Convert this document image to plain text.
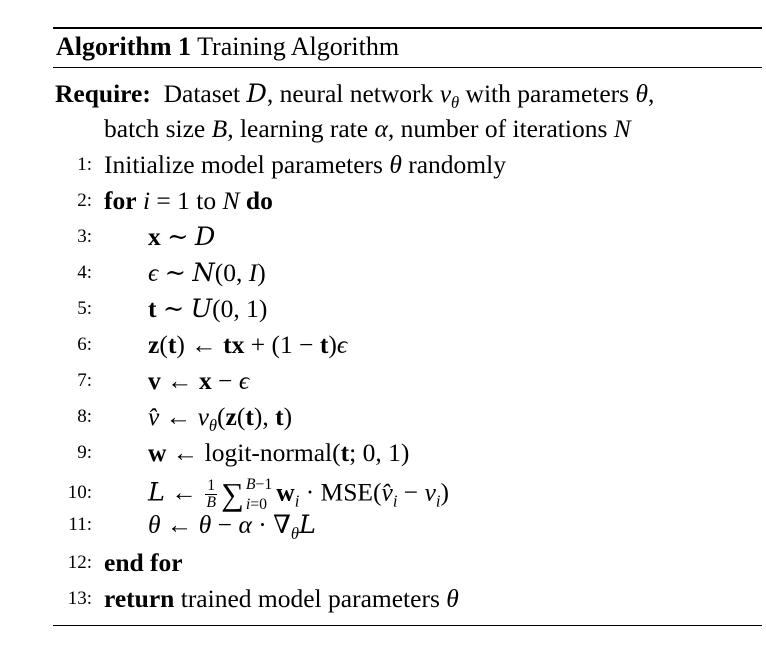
Algorithm 1 Training Algorithm
Require:  Dataset D, neural network $v_\theta$ with parameters θ,
batch size B, learning rate α, number of iterations N
1: Initialize model parameters θ randomly
2: for i = 1 to N do
3: x ∼ D
4: ϵ ∼ N(0, I)
5: t ∼ U(0, 1)
6: z(t) ← tx + (1 − t)ϵ
7: v ← x − ϵ
8: v̂ ← $v_\theta(z(t)$, t)
9: w ← logit-normal(t; 0, 1)
10: L ← $\frac{1}{B}$ ∑ B−1
i=0 $w_i$ · $MSE(v̂_i - v_i)$
11: θ ← $\theta - \alpha \cdot \nabla_\theta L$
12: end for
13: return trained model parameters θ
